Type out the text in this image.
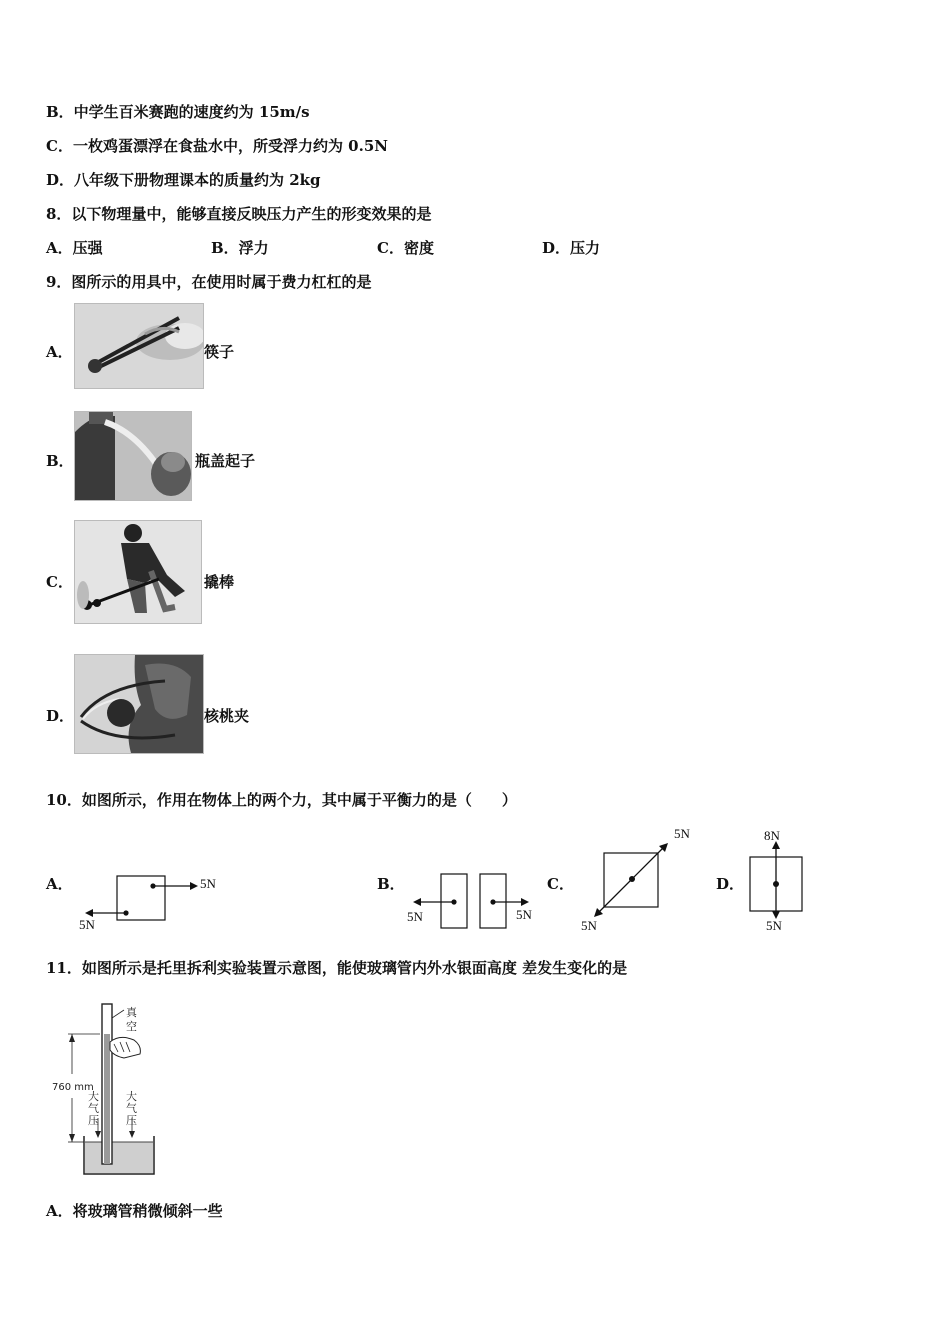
B．中学生百米赛跑的速度约为 15m/s
C．一枚鸡蛋漂浮在食盐水中，所受浮力约为 0.5N
D．八年级下册物理课本的质量约为 2kg
8．以下物理量中，能够直接反映压力产生的形变效果的是
A．压强	B．浮力	C．密度	D．压力
9．图所示的用具中，在使用时属于费力杠杠的是
A．	筷子
B．	瓶盖起子
C．	撬棒
D．	核桃夹
10．如图所示，作用在物体上的两个力，其中属于平衡力的是（　　）
A．	5N
5N
B．
5N	5N
C．
5N
5N
D．
8N
5N
11．如图所示是托里拆利实验装置示意图，能使玻璃管内外水银面高度 差发生变化的是
真
空
760 mm
大
气
压
大
气
压
A．将玻璃管稍微倾斜一些
